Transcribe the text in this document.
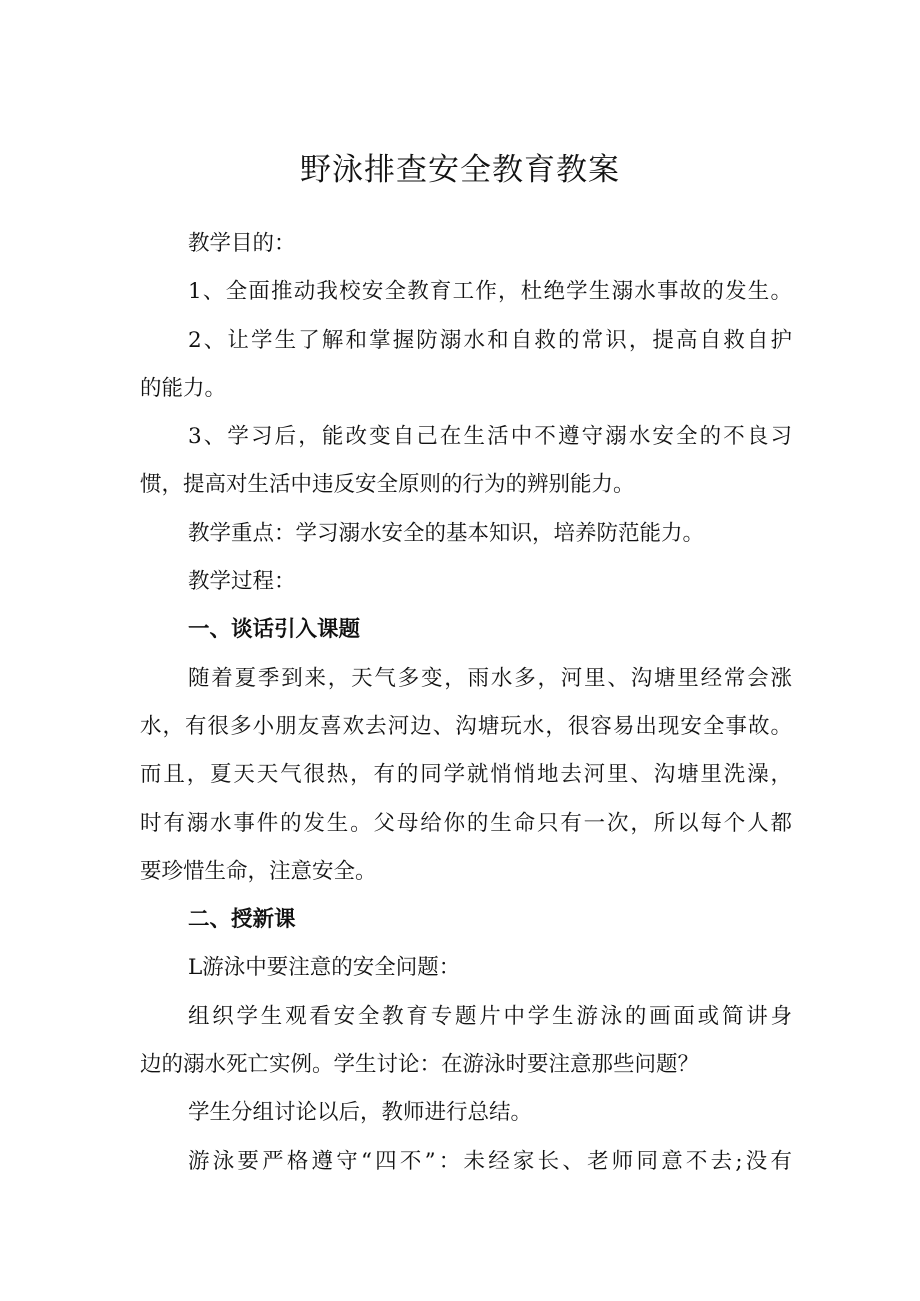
野泳排查安全教育教案
教学目的：
1、全面推动我校安全教育工作，杜绝学生溺水事故的发生。
2、让学生了解和掌握防溺水和自救的常识，提高自救自护
的能力。
3、学习后，能改变自己在生活中不遵守溺水安全的不良习
惯，提高对生活中违反安全原则的行为的辨别能力。
教学重点：学习溺水安全的基本知识，培养防范能力。
教学过程：
一、谈话引入课题
随着夏季到来，天气多变，雨水多，河里、沟塘里经常会涨
水，有很多小朋友喜欢去河边、沟塘玩水，很容易出现安全事故。
而且，夏天天气很热，有的同学就悄悄地去河里、沟塘里洗澡，
时有溺水事件的发生。父母给你的生命只有一次，所以每个人都
要珍惜生命，注意安全。
二、授新课
L游泳中要注意的安全问题：
组织学生观看安全教育专题片中学生游泳的画面或简讲身
边的溺水死亡实例。学生讨论：在游泳时要注意那些问题？
学生分组讨论以后，教师进行总结。
游泳要严格遵守“四不”：未经家长、老师同意不去;没有
